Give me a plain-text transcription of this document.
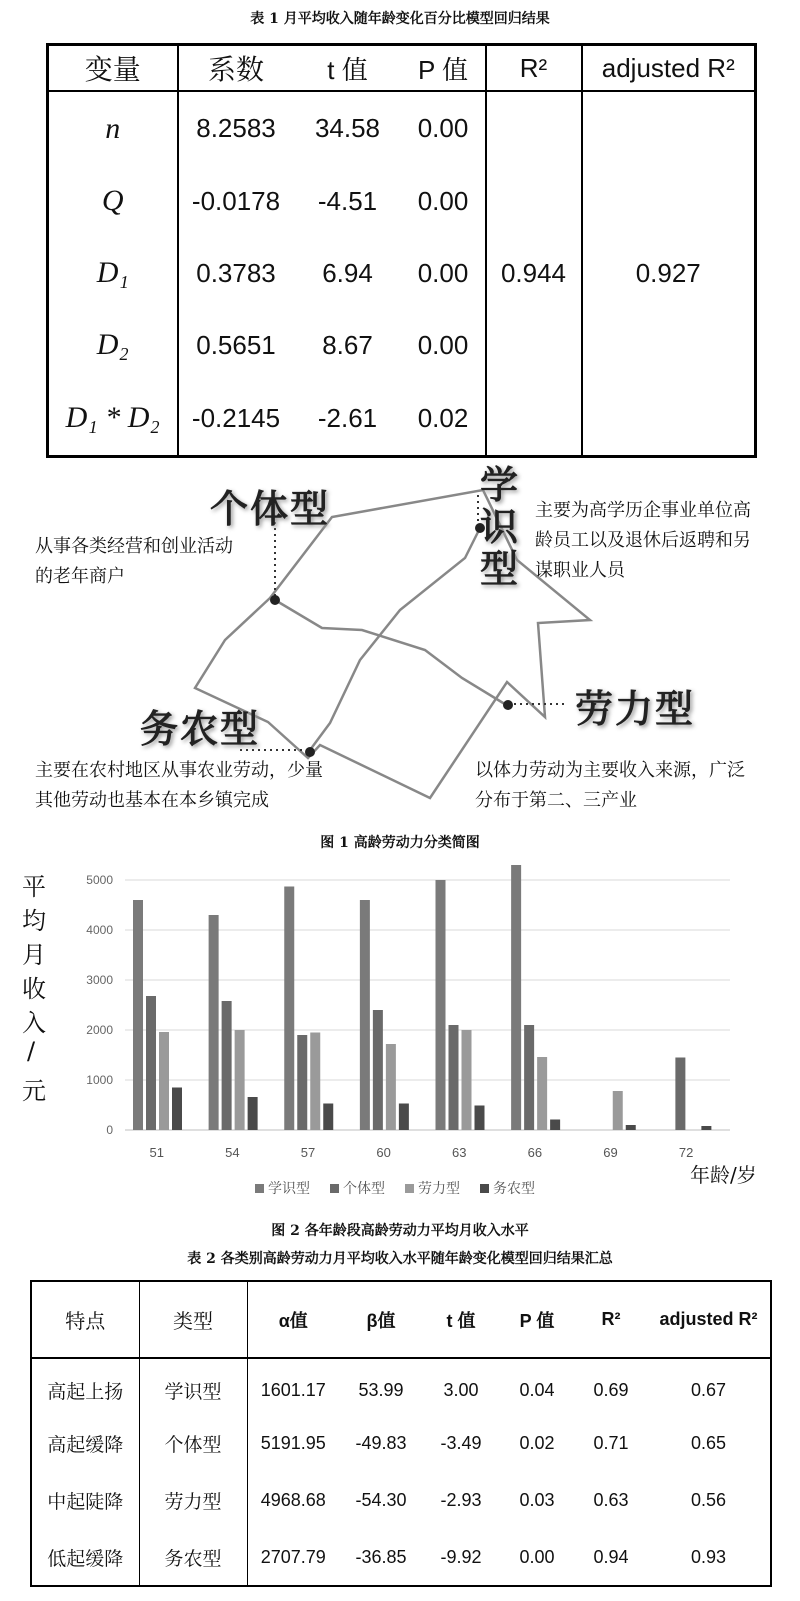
表 1 月平均收入随年龄变化百分比模型回归结果
变量	系数	t 值	P 值	R²	adjusted R²
n	8.2583	34.58	0.00	0.944	0.927
Q	-0.0178	-4.51	0.00		
D₁	0.3783	6.94	0.00		
D₂	0.5651	8.67	0.00		
D₁ * D₂	-0.2145	-2.61	0.02		
个体型
学识型
劳力型
务农型
从事各类经营和创业活动
的老年商户
主要为高学历企事业单位高
龄员工以及退休后返聘和另
谋职业人员
以体力劳动为主要收入来源，广泛
分布于第二、三产业
主要在农村地区从事农业劳动，少量
其他劳动也基本在本乡镇完成
图 1 高龄劳动力分类简图
平
均
月
收
入
/
元
0
1000
2000
3000
4000
5000
51	54	57	60	63	66	69	72
年龄/岁
学识型 个体型 劳力型 务农型
图 2 各年龄段高龄劳动力平均月收入水平
表 2 各类别高龄劳动力月平均收入水平随年龄变化模型回归结果汇总
特点	类型	α值	β值	t 值	P 值	R²	adjusted R²
高起上扬	学识型	1601.17	53.99	3.00	0.04	0.69	0.67
高起缓降	个体型	5191.95	-49.83	-3.49	0.02	0.71	0.65
中起陡降	劳力型	4968.68	-54.30	-2.93	0.03	0.63	0.56
低起缓降	务农型	2707.79	-36.85	-9.92	0.00	0.94	0.93
